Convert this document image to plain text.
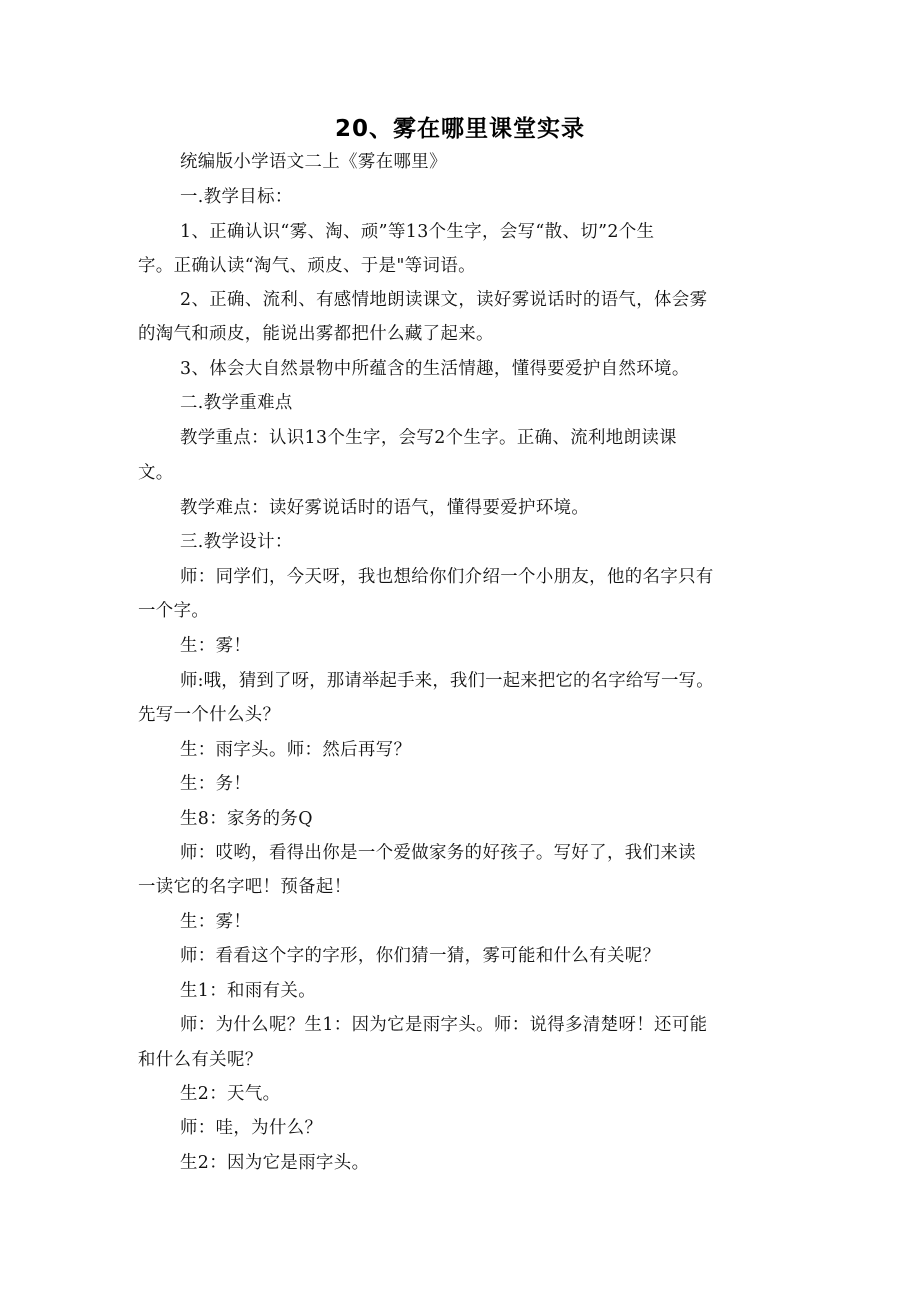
20、雾在哪里课堂实录
统编版小学语文二上《雾在哪里》
一.教学目标：
1、正确认识“雾、淘、顽”等13个生字，会写“散、切”2个生
字。正确认读“淘气、顽皮、于是"等词语。
2、正确、流利、有感情地朗读课文，读好雾说话时的语气，体会雾
的淘气和顽皮，能说出雾都把什么藏了起来。
3、体会大自然景物中所蕴含的生活情趣，懂得要爱护自然环境。
二.教学重难点
教学重点：认识13个生字，会写2个生字。正确、流利地朗读课
文。
教学难点：读好雾说话时的语气，懂得要爱护环境。
三.教学设计：
师：同学们，今天呀，我也想给你们介绍一个小朋友，他的名字只有
一个字。
生：雾！
师:哦，猜到了呀，那请举起手来，我们一起来把它的名字给写一写。
先写一个什么头？
生：雨字头。师：然后再写？
生：务！
生8：家务的务Q
师：哎哟，看得出你是一个爱做家务的好孩子。写好了，我们来读
一读它的名字吧！预备起！
生：雾！
师：看看这个字的字形，你们猜一猜，雾可能和什么有关呢？
生1：和雨有关。
师：为什么呢？生1：因为它是雨字头。师：说得多清楚呀！还可能
和什么有关呢？
生2：天气。
师：哇，为什么？
生2：因为它是雨字头。
